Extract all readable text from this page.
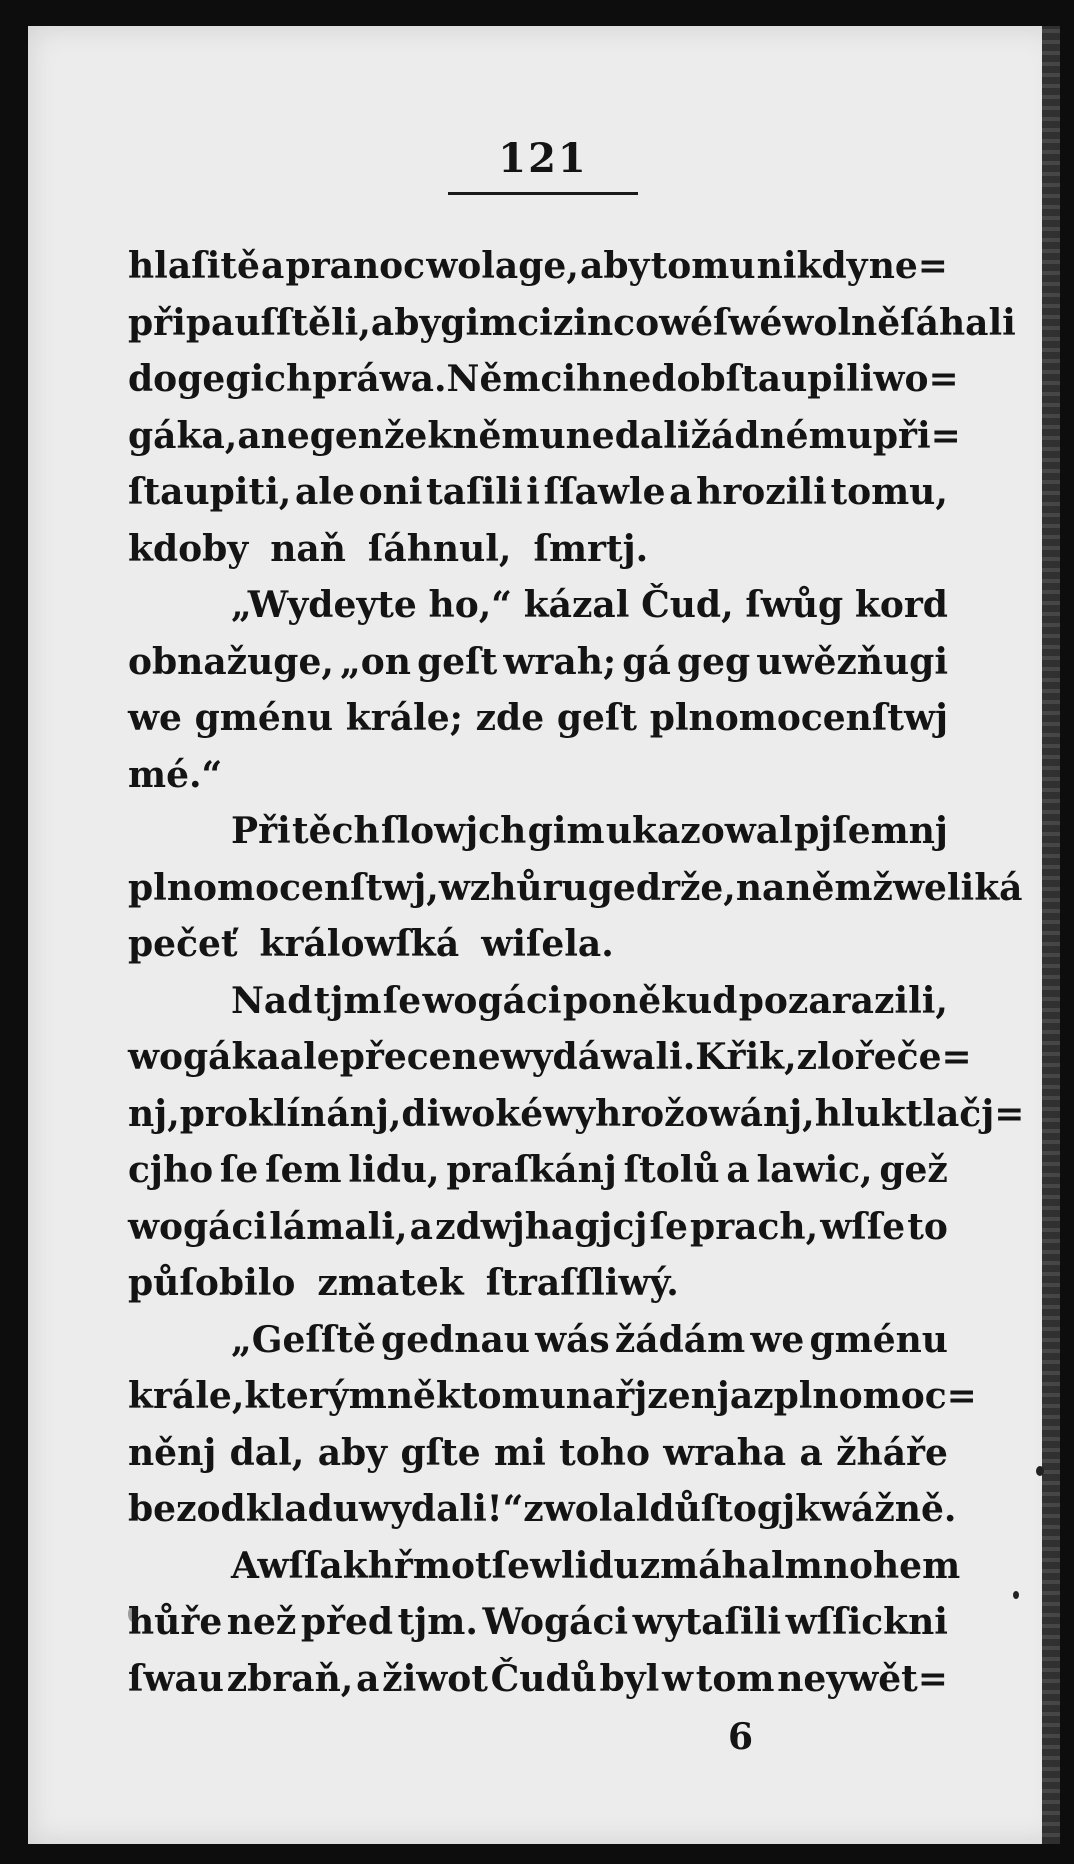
121
hlaſitě a pranoc wolage, aby tomu nikdy ne=
připauſſtěli, aby gim cizincowé ſwéwolně ſáhali
do gegich práwa. Němci hned obſtaupili wo=
gáka, a negen že k němu nedali žádnému při=
ſtaupiti, ale oni taſili i ſſawle a hrozili tomu,
kdoby naň ſáhnul, ſmrtj.
„Wydeyte ho,“ kázal Čud, ſwůg kord
obnažuge, „on geſt wrah; gá geg uwězňugi
we gménu krále; zde geſt plnomocenſtwj
mé.“
Při těch ſlowjch gim ukazowal pjſemnj
plnomocenſtwj, wzhůru ge drže, na němž weliká
pečeť králowſká wiſela.
Nad tjm ſe wogáci poněkud pozarazili,
wogáka ale přece newydáwali. Křik, zlořeče=
nj, proklínánj, diwoké wyhrožowánj, hluk tlačj=
cjho ſe ſem lidu, praſkánj ſtolů a lawic, gež
wogáci lámali, a zdwjhagjcj ſe prach, wſſe to
půſobilo zmatek ſtraſſliwý.
„Geſſtě gednau wás žádám we gménu
krále, který mně k tomu nařjzenj a zplnomoc=
něnj dal, aby gſte mi toho wraha a žháře
bez odkladu wydali!“ zwolal důſtogjk wážně.
Awſſak hřmot ſe w lidu zmáhal mnohem
hůře než před tjm. Wogáci wytaſili wſſickni
ſwau zbraň, a žiwot Čudů byl w tom neywět=
6
